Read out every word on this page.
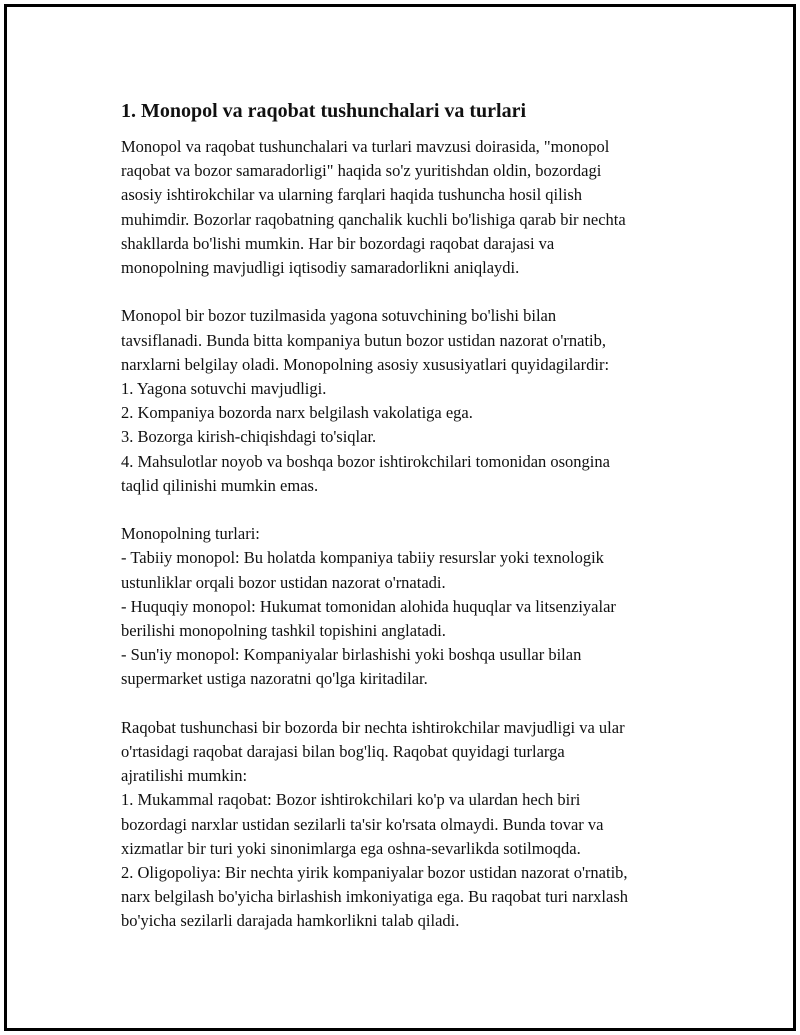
1. Monopol va raqobat tushunchalari va turlari
Monopol va raqobat tushunchalari va turlari mavzusi doirasida, "monopol
raqobat va bozor samaradorligi" haqida so'z yuritishdan oldin, bozordagi
asosiy ishtirokchilar va ularning farqlari haqida tushuncha hosil qilish
muhimdir. Bozorlar raqobatning qanchalik kuchli bo'lishiga qarab bir nechta
shakllarda bo'lishi mumkin. Har bir bozordagi raqobat darajasi va
monopolning mavjudligi iqtisodiy samaradorlikni aniqlaydi.
Monopol bir bozor tuzilmasida yagona sotuvchining bo'lishi bilan
tavsiflanadi. Bunda bitta kompaniya butun bozor ustidan nazorat o'rnatib,
narxlarni belgilay oladi. Monopolning asosiy xususiyatlari quyidagilardir:
1. Yagona sotuvchi mavjudligi.
2. Kompaniya bozorda narx belgilash vakolatiga ega.
3. Bozorga kirish-chiqishdagi to'siqlar.
4. Mahsulotlar noyob va boshqa bozor ishtirokchilari tomonidan osongina
taqlid qilinishi mumkin emas.
Monopolning turlari:
- Tabiiy monopol: Bu holatda kompaniya tabiiy resurslar yoki texnologik
ustunliklar orqali bozor ustidan nazorat o'rnatadi.
- Huquqiy monopol: Hukumat tomonidan alohida huquqlar va litsenziyalar
berilishi monopolning tashkil topishini anglatadi.
- Sun'iy monopol: Kompaniyalar birlashishi yoki boshqa usullar bilan
supermarket ustiga nazoratni qo'lga kiritadilar.
Raqobat tushunchasi bir bozorda bir nechta ishtirokchilar mavjudligi va ular
o'rtasidagi raqobat darajasi bilan bog'liq. Raqobat quyidagi turlarga
ajratilishi mumkin:
1. Mukammal raqobat: Bozor ishtirokchilari ko'p va ulardan hech biri
bozordagi narxlar ustidan sezilarli ta'sir ko'rsata olmaydi. Bunda tovar va
xizmatlar bir turi yoki sinonimlarga ega oshna-sevarlikda sotilmoqda.
2. Oligopoliya: Bir nechta yirik kompaniyalar bozor ustidan nazorat o'rnatib,
narx belgilash bo'yicha birlashish imkoniyatiga ega. Bu raqobat turi narxlash
bo'yicha sezilarli darajada hamkorlikni talab qiladi.
